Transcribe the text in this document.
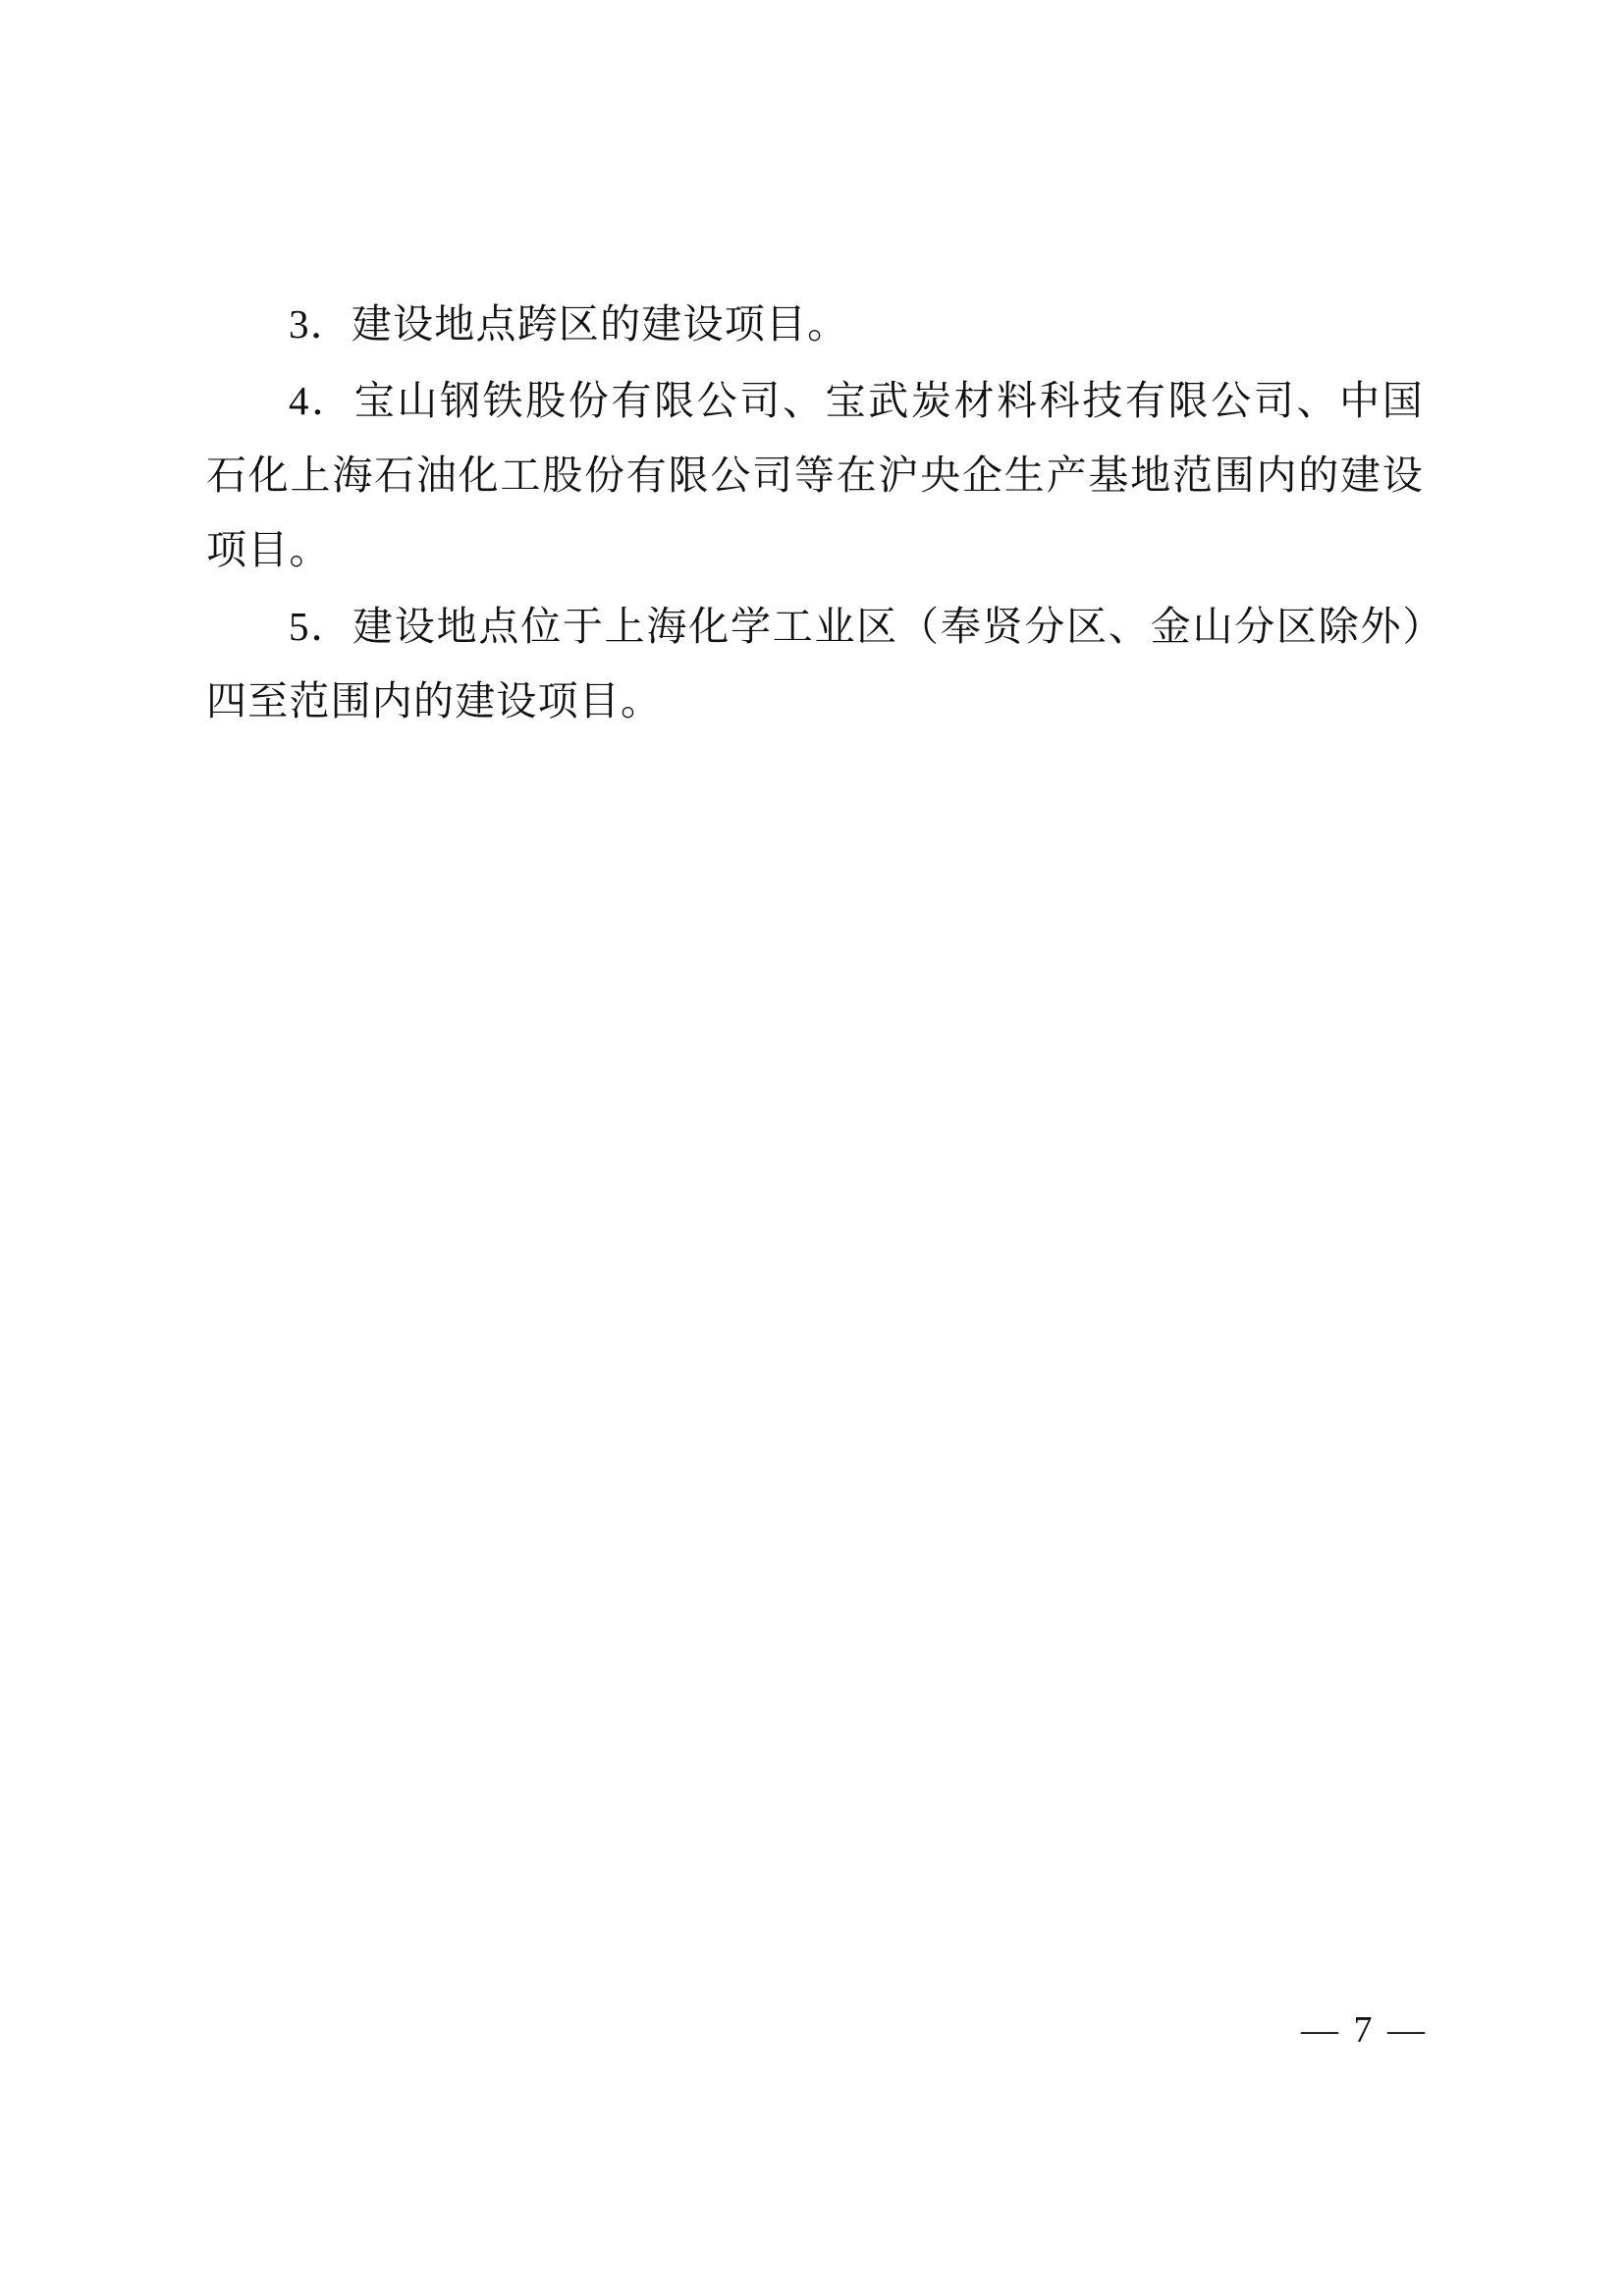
3．建设地点跨区的建设项目。

4．宝山钢铁股份有限公司、宝武炭材料科技有限公司、中国石化上海石油化工股份有限公司等在沪央企生产基地范围内的建设项目。

5．建设地点位于上海化学工业区（奉贤分区、金山分区除外）四至范围内的建设项目。

— 7 —
